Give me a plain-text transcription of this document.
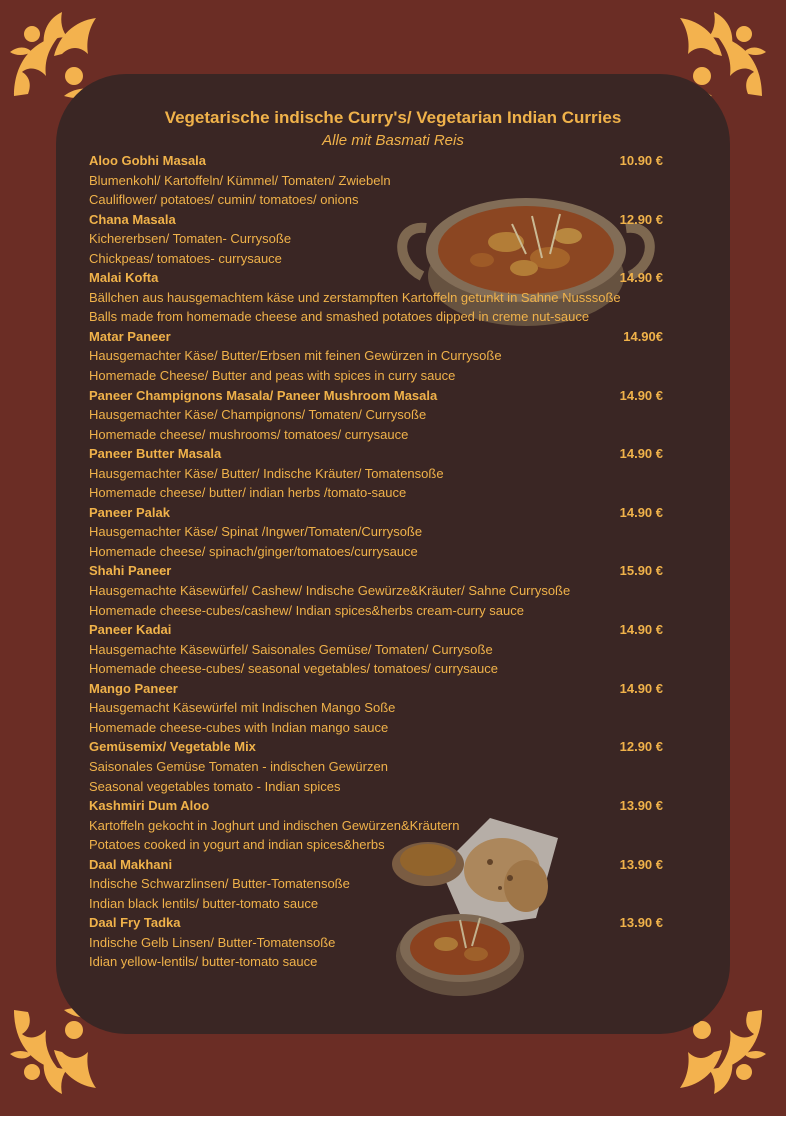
Vegetarische indische Curry's/ Vegetarian Indian Curries
Alle mit Basmati Reis
Aloo Gobhi Masala	10.90 €
Blumenkohl/ Kartoffeln/ Kümmel/ Tomaten/ Zwiebeln
Cauliflower/ potatoes/ cumin/ tomatoes/ onions
Chana Masala	12.90 €
Kichererbsen/ Tomaten- Currysoße
Chickpeas/ tomatoes- currysauce
Malai Kofta	14.90 €
Bällchen aus hausgemachtem käse und zerstampften Kartoffeln getunkt in Sahne Nusssoße
Balls made from homemade cheese and smashed potatoes dipped in creme nut-sauce
Matar Paneer	14.90€
Hausgemachter Käse/ Butter/Erbsen mit feinen Gewürzen in Currysoße
Homemade Cheese/ Butter and peas with spices in curry sauce
Paneer Champignons Masala/ Paneer Mushroom Masala	14.90 €
Hausgemachter Käse/ Champignons/ Tomaten/ Currysoße
Homemade cheese/ mushrooms/ tomatoes/ currysauce
Paneer Butter Masala	14.90 €
Hausgemachter Käse/ Butter/ Indische Kräuter/ Tomatensoße
Homemade cheese/ butter/ indian herbs /tomato-sauce
Paneer Palak	14.90 €
Hausgemachter Käse/ Spinat /Ingwer/Tomaten/Currysoße
Homemade cheese/ spinach/ginger/tomatoes/currysauce
Shahi Paneer	15.90 €
Hausgemachte Käsewürfel/ Cashew/ Indische Gewürze&Kräuter/ Sahne Currysoße
Homemade cheese-cubes/cashew/ Indian spices&herbs cream-curry sauce
Paneer Kadai	14.90 €
Hausgemachte Käsewürfel/ Saisonales Gemüse/ Tomaten/ Currysoße
Homemade cheese-cubes/ seasonal vegetables/ tomatoes/ currysauce
Mango Paneer	14.90 €
Hausgemacht Käsewürfel mit Indischen Mango Soße
Homemade cheese-cubes with Indian mango sauce
Gemüsemix/ Vegetable Mix	12.90 €
Saisonales Gemüse Tomaten - indischen Gewürzen
Seasonal vegetables tomato - Indian spices
Kashmiri Dum Aloo	13.90 €
Kartoffeln gekocht in Joghurt und indischen Gewürzen&Kräutern
Potatoes cooked in yogurt and indian spices&herbs
Daal Makhani	13.90 €
Indische Schwarzlinsen/ Butter-Tomatensoße
Indian black lentils/ butter-tomato sauce
Daal Fry Tadka	13.90 €
Indische Gelb Linsen/ Butter-Tomatensoße
Idian yellow-lentils/ butter-tomato sauce
